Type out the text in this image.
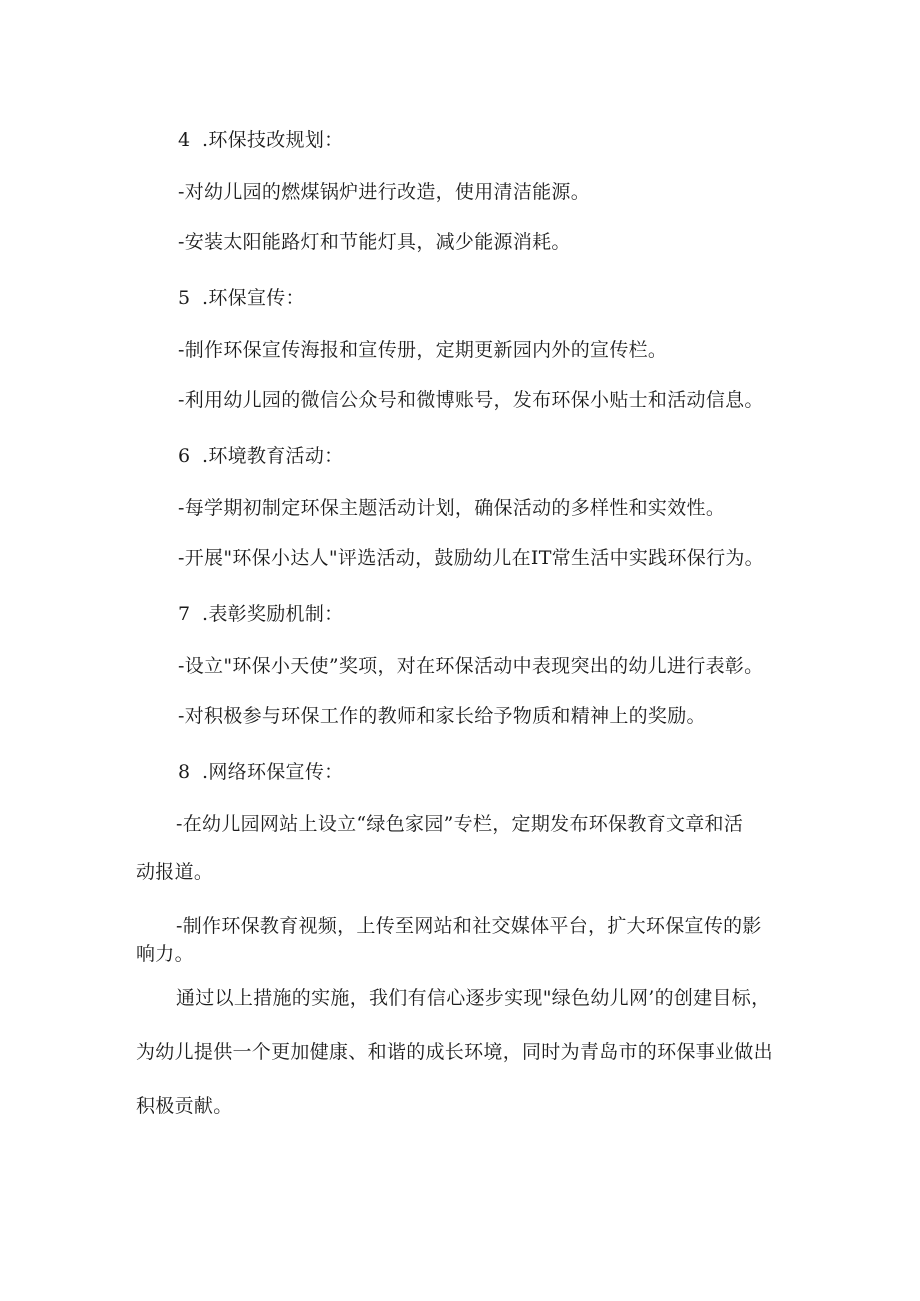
4 .环保技改规划：
-对幼儿园的燃煤锅炉进行改造，使用清洁能源。
-安装太阳能路灯和节能灯具，减少能源消耗。
5 .环保宣传：
-制作环保宣传海报和宣传册，定期更新园内外的宣传栏。
-利用幼儿园的微信公众号和微博账号，发布环保小贴士和活动信息。
6 .环境教育活动：
-每学期初制定环保主题活动计划，确保活动的多样性和实效性。
-开展"环保小达人"评选活动，鼓励幼儿在IT常生活中实践环保行为。
7 .表彰奖励机制：
-设立"环保小天使”奖项，对在环保活动中表现突出的幼儿进行表彰。
-对积极参与环保工作的教师和家长给予物质和精神上的奖励。
8 .网络环保宣传：
-在幼儿园网站上设立“绿色家园”专栏，定期发布环保教育文章和活
动报道。
-制作环保教育视频，上传至网站和社交媒体平台，扩大环保宣传的影
响力。
通过以上措施的实施，我们有信心逐步实现"绿色幼儿网’的创建目标，
为幼儿提供一个更加健康、和谐的成长环境，同时为青岛市的环保事业做出
积极贡献。
